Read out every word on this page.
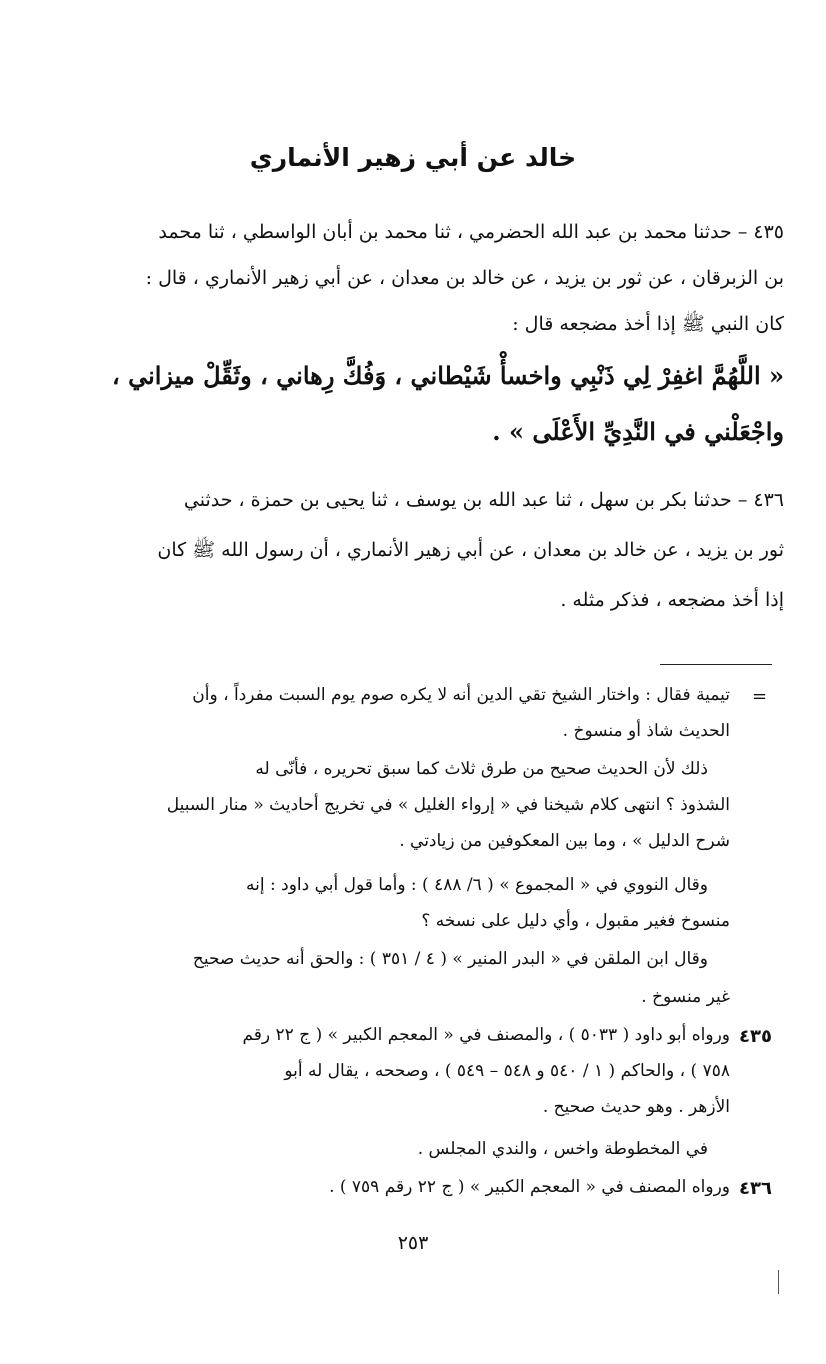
خالد عن أبي زهير الأنماري
٤٣٥ – حدثنا محمد بن عبد الله الحضرمي ، ثنا محمد بن أبان الواسطي ، ثنا محمد
بن الزبرقان ، عن ثور بن يزيد ، عن خالد بن معدان ، عن أبي زهير الأنماري ، قال :
كان النبي ﷺ إذا أخذ مضجعه قال :
« اللَّهُمَّ اغفِرْ لِي ذَنْبِي واخسأْ شَيْطاني ، وَفُكَّ رِهاني ، وثَقِّلْ ميزاني ،
واجْعَلْني في النَّدِيِّ الأَعْلَى » .
٤٣٦ – حدثنا بكر بن سهل ، ثنا عبد الله بن يوسف ، ثنا يحيى بن حمزة ، حدثني
ثور بن يزيد ، عن خالد بن معدان ، عن أبي زهير الأنماري ، أن رسول الله ﷺ كان
إذا أخذ مضجعه ، فذكر مثله .
=
تيمية فقال : واختار الشيخ تقي الدين أنه لا يكره صوم يوم السبت مفرداً ، وأن
الحديث شاذ أو منسوخ .
ذلك لأن الحديث صحيح من طرق ثلاث كما سبق تحريره ، فأنّى له
الشذوذ ؟ انتهى كلام شيخنا في « إرواء الغليل » في تخريج أحاديث « منار السبيل
شرح الدليل » ، وما بين المعكوفين من زيادتي .
وقال النووي في « المجموع » ( ٦/ ٤٨٨ ) : وأما قول أبي داود : إنه
منسوخ فغير مقبول ، وأي دليل على نسخه ؟
وقال ابن الملقن في « البدر المنير » ( ٤ / ٣٥١ ) : والحق أنه حديث صحيح
غير منسوخ .
٤٣٥
ورواه أبو داود ( ٥٠٣٣ ) ، والمصنف في « المعجم الكبير » ( ج ٢٢ رقم
٧٥٨ ) ، والحاكم ( ١ / ٥٤٠ و ٥٤٨ – ٥٤٩ ) ، وصححه ، يقال له أبو
الأزهر . وهو حديث صحيح .
في المخطوطة واخس ، والندي المجلس .
٤٣٦
ورواه المصنف في « المعجم الكبير » ( ج ٢٢ رقم ٧٥٩ ) .
٢٥٣
